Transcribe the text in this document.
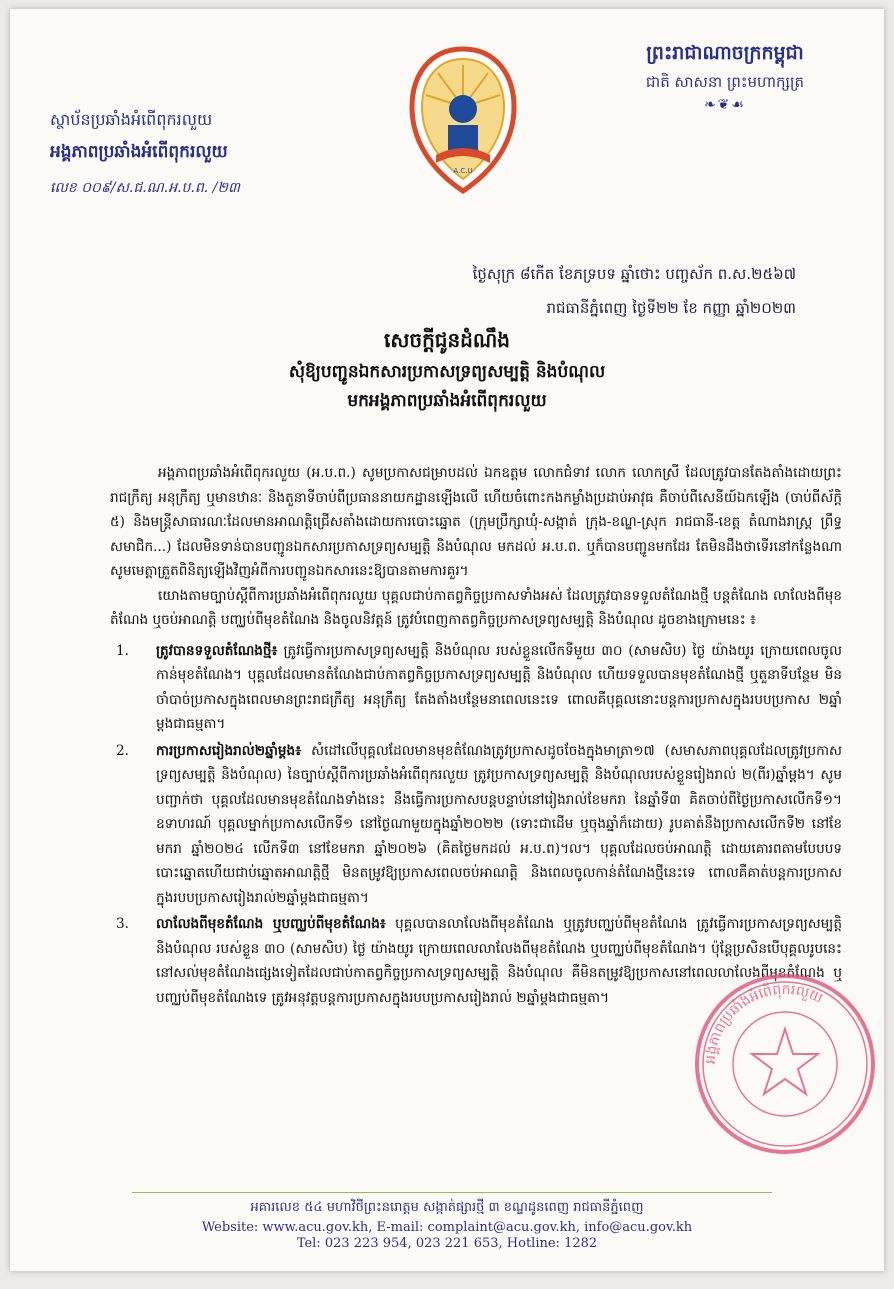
ព្រះរាជាណាចក្រកម្ពុជា
ជាតិ សាសនា ព្រះមហាក្សត្រ
❧❦☙
A.C.U
ស្ថាប័នប្រឆាំងអំពើពុករលួយ
អង្គភាពប្រឆាំងអំពើពុករលួយ
លេខ ០០៩/ស.ជ.ណ.អ.ប.ព. /២៣
ថ្ងៃសុក្រ ៨កើត ខែភទ្របទ ឆ្នាំថោះ បញ្ចស័ក ព.ស.២៥៦៧
រាជធានីភ្នំពេញ ថ្ងៃទី២២ ខែ កញ្ញា ឆ្នាំ២០២៣
សេចក្តីជូនដំណឹង
សុំឱ្យបញ្ជូនឯកសារប្រកាសទ្រព្យសម្បត្តិ និងបំណុល
មកអង្គភាពប្រឆាំងអំពើពុករលួយ

អង្គភាពប្រឆាំងអំពើពុករលួយ (អ.ប.ព.) សូមប្រកាសជម្រាបដល់ ឯកឧត្តម លោកជំទាវ លោក លោកស្រី ដែលត្រូវបានតែងតាំងដោយព្រះរាជក្រឹត្យ អនុក្រឹត្យ ឬមានឋានៈ និងតួនាទីចាប់ពីប្រធាននាយកដ្ឋានឡើងលើ ហើយចំពោះកងកម្លាំងប្រដាប់អាវុធ គឺចាប់ពីសេនីយ៍ឯកឡើង (ចាប់ពីស័ក្តិ ៥) និងមន្ត្រីសាធារណៈដែលមានអាណត្តិជ្រើសតាំងដោយការបោះឆ្នោត (ក្រុមប្រឹក្សាឃុំ-សង្កាត់ ក្រុង-ខណ្ឌ-ស្រុក រាជធានី-ខេត្ត តំណាងរាស្ត្រ ព្រឹទ្ធសមាជិក...) ដែលមិនទាន់បានបញ្ជូនឯកសារប្រកាសទ្រព្យសម្បត្តិ និងបំណុល មកដល់ អ.ប.ព. ឬក៏បានបញ្ជូនមកដែរ តែមិនដឹងថាទើរនៅកន្លែងណា សូមមេត្តាត្រួតពិនិត្យឡើងវិញអំពីការបញ្ជូនឯកសារនេះឱ្យបានតាមការគួរ។

យោងតាមច្បាប់ស្តីពីការប្រឆាំងអំពើពុករលួយ បុគ្គលជាប់កាតព្វកិច្ចប្រកាសទាំងអស់ ដែលត្រូវបានទទួលតំណែងថ្មី បន្តតំណែង លាលែងពីមុខតំណែង ឬចប់អាណត្តិ បញ្ឈប់ពីមុខតំណែង និងចូលនិវត្តន៍ ត្រូវបំពេញកាតព្វកិច្ចប្រកាសទ្រព្យសម្បត្តិ និងបំណុល ដូចខាងក្រោមនេះ ៖

1. ត្រូវបានទទួលតំណែងថ្មី៖ ត្រូវធ្វើការប្រកាសទ្រព្យសម្បត្តិ និងបំណុល របស់ខ្លួនលើកទីមួយ ៣០ (សាមសិប) ថ្ងៃ យ៉ាងយូរ ក្រោយពេលចូលកាន់មុខតំណែង។ បុគ្គលដែលមានតំណែងជាប់កាតព្វកិច្ចប្រកាសទ្រព្យសម្បត្តិ និងបំណុល ហើយទទួលបានមុខតំណែងថ្មី ឬតួនាទីបន្ថែម មិនចាំបាច់ប្រកាសក្នុងពេលមានព្រះរាជក្រឹត្យ អនុក្រឹត្យ តែងតាំងបន្ថែមនាពេលនេះទេ ពោលគឺបុគ្គលនោះបន្តការប្រកាសក្នុងរបបប្រកាស ២ឆ្នាំម្តងជាធម្មតា។
2. ការប្រកាសរៀងរាល់២ឆ្នាំម្តង៖ សំដៅលើបុគ្គលដែលមានមុខតំណែងត្រូវប្រកាសដូចចែងក្នុងមាត្រា១៧ (សមាសភាពបុគ្គលដែលត្រូវប្រកាសទ្រព្យសម្បត្តិ និងបំណុល) នៃច្បាប់ស្តីពីការប្រឆាំងអំពើពុករលួយ ត្រូវប្រកាសទ្រព្យសម្បត្តិ និងបំណុលរបស់ខ្លួនរៀងរាល់ ២(ពីរ)ឆ្នាំម្តង។ សូមបញ្ជាក់ថា បុគ្គលដែលមានមុខតំណែងទាំងនេះ នឹងធ្វើការប្រកាសបន្តបន្ទាប់នៅរៀងរាល់ខែមករា នៃឆ្នាំទី៣ គិតចាប់ពីថ្ងៃប្រកាសលើកទី១។ ឧទាហរណ៍ បុគ្គលម្នាក់ប្រកាសលើកទី១ នៅថ្ងៃណាមួយក្នុងឆ្នាំ២០២២ (ទោះជាដើម ឬចុងឆ្នាំក៏ដោយ) រូបគាត់នឹងប្រកាសលើកទី២ នៅខែមករា ឆ្នាំ២០២៤ លើកទី៣ នៅខែមករា ឆ្នាំ២០២៦ (គិតថ្ងៃមកដល់ អ.ប.ព)។ល។ បុគ្គលដែលចប់អាណត្តិ ដោយគោរពតាមបែបបទបោះឆ្នោតហើយជាប់ឆ្នោតអាណត្តិថ្មី មិនតម្រូវឱ្យប្រកាសពេលចប់អាណត្តិ និងពេលចូលកាន់តំណែងថ្មីនេះទេ ពោលគឺគាត់បន្តការប្រកាសក្នុងរបបប្រកាសរៀងរាល់២ឆ្នាំម្តងជាធម្មតា។
3. លាលែងពីមុខតំណែង ឬបញ្ឈប់ពីមុខតំណែង៖ បុគ្គលបានលាលែងពីមុខតំណែង ឬត្រូវបញ្ឈប់ពីមុខតំណែង ត្រូវធ្វើការប្រកាសទ្រព្យសម្បត្តិ និងបំណុល របស់ខ្លួន ៣០ (សាមសិប) ថ្ងៃ យ៉ាងយូរ ក្រោយពេលលាលែងពីមុខតំណែង ឬបញ្ឈប់ពីមុខតំណែង។ ប៉ុន្តែប្រសិនបើបុគ្គលរូបនេះនៅសល់មុខតំណែងផ្សេងទៀតដែលជាប់កាតព្វកិច្ចប្រកាសទ្រព្យសម្បត្តិ និងបំណុល គឺមិនតម្រូវឱ្យប្រកាសនៅពេលលាលែងពីមុខតំណែង ឬបញ្ឈប់ពីមុខតំណែងទេ ត្រូវអនុវត្តបន្តការប្រកាសក្នុងរបបប្រកាសរៀងរាល់ ២ឆ្នាំម្តងជាធម្មតា។
អង្គភាពប្រឆាំងអំពើពុករលួយ
អគារលេខ ៥៤ មហាវិថីព្រះនរោត្តម សង្កាត់ផ្សារថ្មី ៣ ខណ្ឌដូនពេញ រាជធានីភ្នំពេញ
Website: www.acu.gov.kh, E-mail: complaint@acu.gov.kh, info@acu.gov.kh
Tel: 023 223 954, 023 221 653, Hotline: 1282
